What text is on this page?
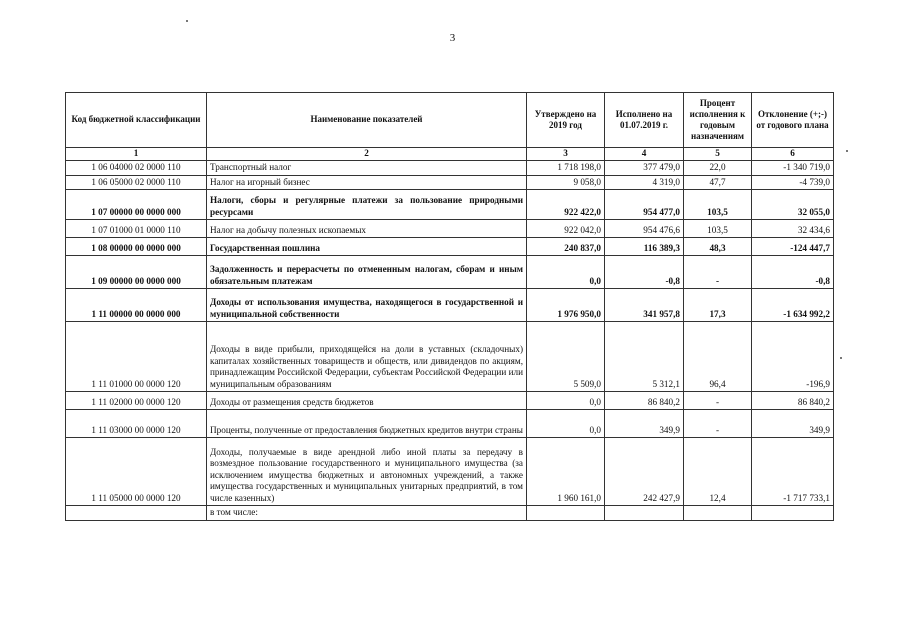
3
Код бюджетной классификации	Наименование показателей	Утверждено на 2019 год	Исполнено на 01.07.2019 г.	Процент исполнения к годовым назначениям	Отклонение (+;-) от годового плана
1	2	3	4	5	6
1 06 04000 02 0000 110	Транспортный налог	1 718 198,0	377 479,0	22,0	-1 340 719,0
1 06 05000 02 0000 110	Налог на игорный бизнес	9 058,0	4 319,0	47,7	-4 739,0
1 07 00000 00 0000 000	Налоги, сборы и регулярные платежи за пользование природными ресурсами	922 422,0	954 477,0	103,5	32 055,0
1 07 01000 01 0000 110	Налог на добычу полезных ископаемых	922 042,0	954 476,6	103,5	32 434,6
1 08 00000 00 0000 000	Государственная пошлина	240 837,0	116 389,3	48,3	-124 447,7
1 09 00000 00 0000 000	Задолженность и перерасчеты по отмененным налогам, сборам и иным обязательным платежам	0,0	-0,8	-	-0,8
1 11 00000 00 0000 000	Доходы от использования имущества, находящегося в государственной и муниципальной собственности	1 976 950,0	341 957,8	17,3	-1 634 992,2
1 11 01000 00 0000 120	Доходы в виде прибыли, приходящейся на доли в уставных (складочных) капиталах хозяйственных товариществ и обществ, или дивидендов по акциям, принадлежащим Российской Федерации, субъектам Российской Федерации или муниципальным образованиям	5 509,0	5 312,1	96,4	-196,9
1 11 02000 00 0000 120	Доходы от размещения средств бюджетов	0,0	86 840,2	-	86 840,2
1 11 03000 00 0000 120	Проценты, полученные от предоставления бюджетных кредитов внутри страны	0,0	349,9	-	349,9
1 11 05000 00 0000 120	Доходы, получаемые в виде арендной либо иной платы за передачу в возмездное пользование государственного и муниципального имущества (за исключением имущества бюджетных и автономных учреждений, а также имущества государственных и муниципальных унитарных предприятий, в том числе казенных)	1 960 161,0	242 427,9	12,4	-1 717 733,1
	в том числе:				
